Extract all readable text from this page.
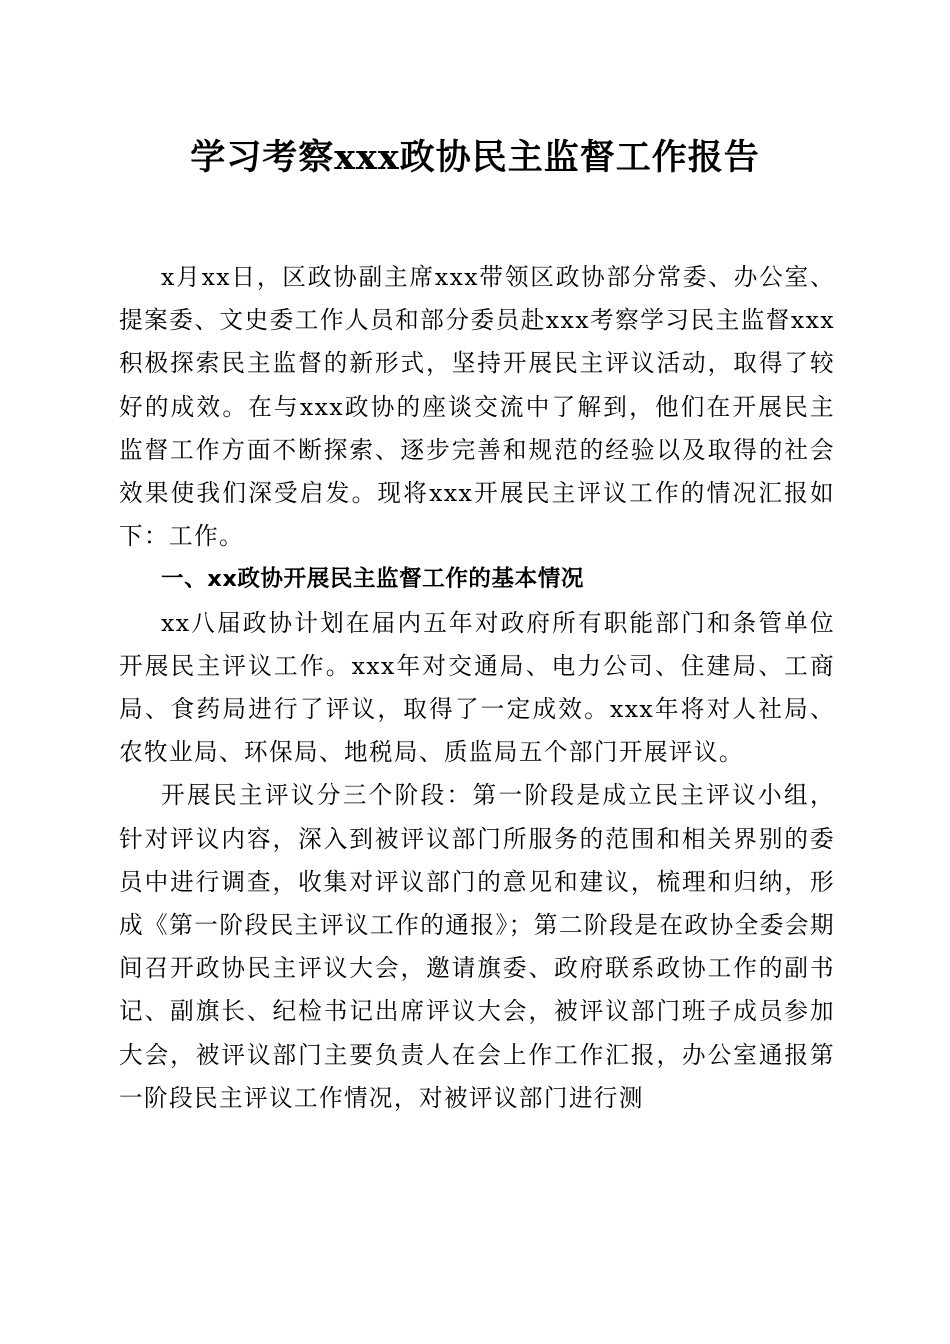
学习考察xxx政协民主监督工作报告

x月xx日，区政协副主席xxx带领区政协部分常委、办公室、提案委、文史委工作人员和部分委员赴xxx考察学习民主监督xxx积极探索民主监督的新形式，坚持开展民主评议活动，取得了较好的成效。在与xxx政协的座谈交流中了解到，他们在开展民主监督工作方面不断探索、逐步完善和规范的经验以及取得的社会效果使我们深受启发。现将xxx开展民主评议工作的情况汇报如下：工作。

一、xx政协开展民主监督工作的基本情况

xx八届政协计划在届内五年对政府所有职能部门和条管单位开展民主评议工作。xxx年对交通局、电力公司、住建局、工商局、食药局进行了评议，取得了一定成效。xxx年将对人社局、农牧业局、环保局、地税局、质监局五个部门开展评议。

开展民主评议分三个阶段：第一阶段是成立民主评议小组，针对评议内容，深入到被评议部门所服务的范围和相关界别的委员中进行调查，收集对评议部门的意见和建议，梳理和归纳，形成《第一阶段民主评议工作的通报》；第二阶段是在政协全委会期间召开政协民主评议大会，邀请旗委、政府联系政协工作的副书记、副旗长、纪检书记出席评议大会，被评议部门班子成员参加大会，被评议部门主要负责人在会上作工作汇报，办公室通报第一阶段民主评议工作情况，对被评议部门进行测
